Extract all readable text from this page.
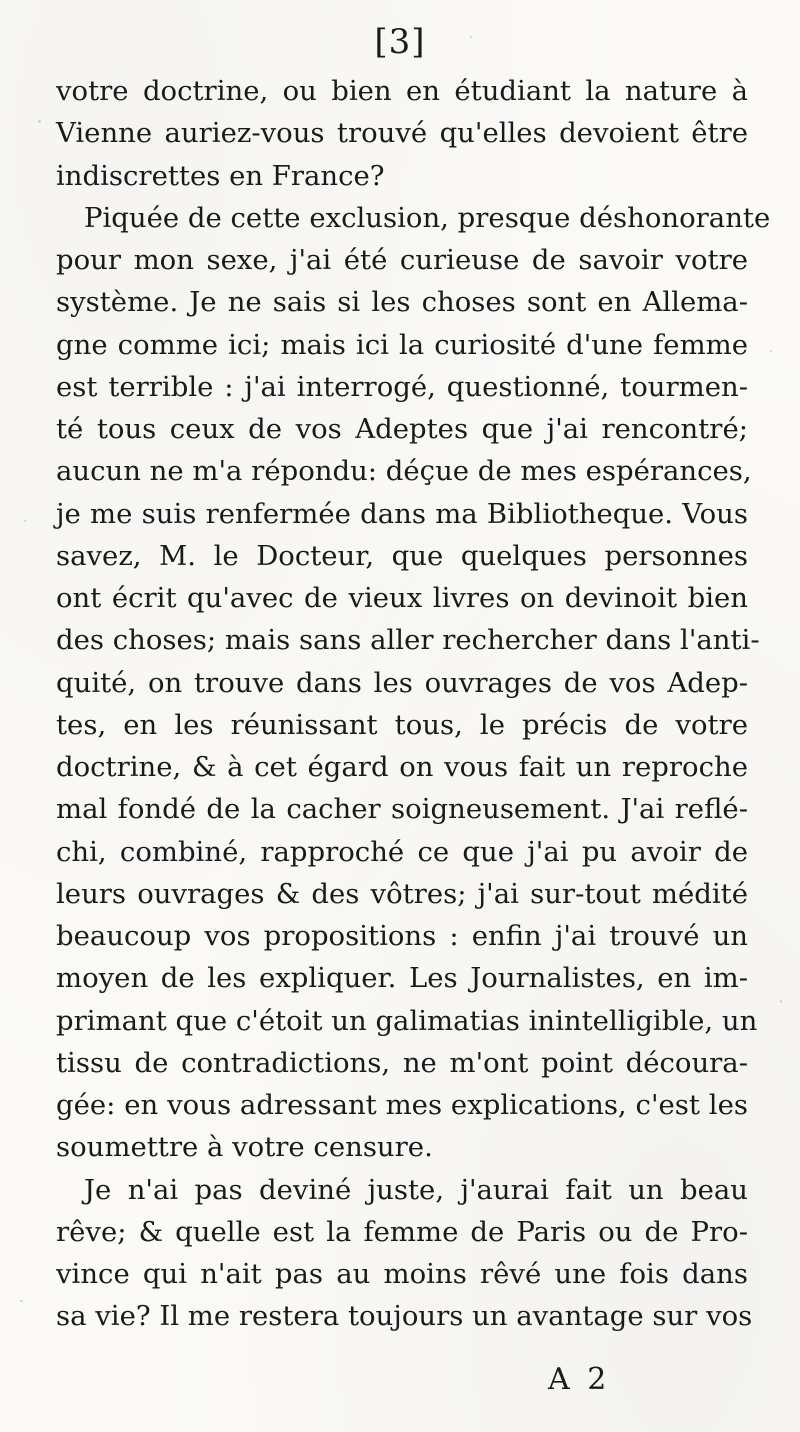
[3]
votre doctrine, ou bien en étudiant la nature à
Vienne auriez-vous trouvé qu'elles devoient être
indiscrettes en France?
Piquée de cette exclusion, presque déshonorante
pour mon sexe, j'ai été curieuse de savoir votre
système. Je ne sais si les choses sont en Allema-
gne comme ici; mais ici la curiosité d'une femme
est terrible : j'ai interrogé, questionné, tourmen-
té tous ceux de vos Adeptes que j'ai rencontré;
aucun ne m'a répondu: déçue de mes espérances,
je me suis renfermée dans ma Bibliotheque. Vous
savez, M. le Docteur, que quelques personnes
ont écrit qu'avec de vieux livres on devinoit bien
des choses; mais sans aller rechercher dans l'anti-
quité, on trouve dans les ouvrages de vos Adep-
tes, en les réunissant tous, le précis de votre
doctrine, & à cet égard on vous fait un reproche
mal fondé de la cacher soigneusement. J'ai reflé-
chi, combiné, rapproché ce que j'ai pu avoir de
leurs ouvrages & des vôtres; j'ai sur-tout médité
beaucoup vos propositions : enfin j'ai trouvé un
moyen de les expliquer. Les Journalistes, en im-
primant que c'étoit un galimatias inintelligible, un
tissu de contradictions, ne m'ont point découra-
gée: en vous adressant mes explications, c'est les
soumettre à votre censure.
Je n'ai pas deviné juste, j'aurai fait un beau
rêve; & quelle est la femme de Paris ou de Pro-
vince qui n'ait pas au moins rêvé une fois dans
sa vie? Il me restera toujours un avantage sur vos
A 2
